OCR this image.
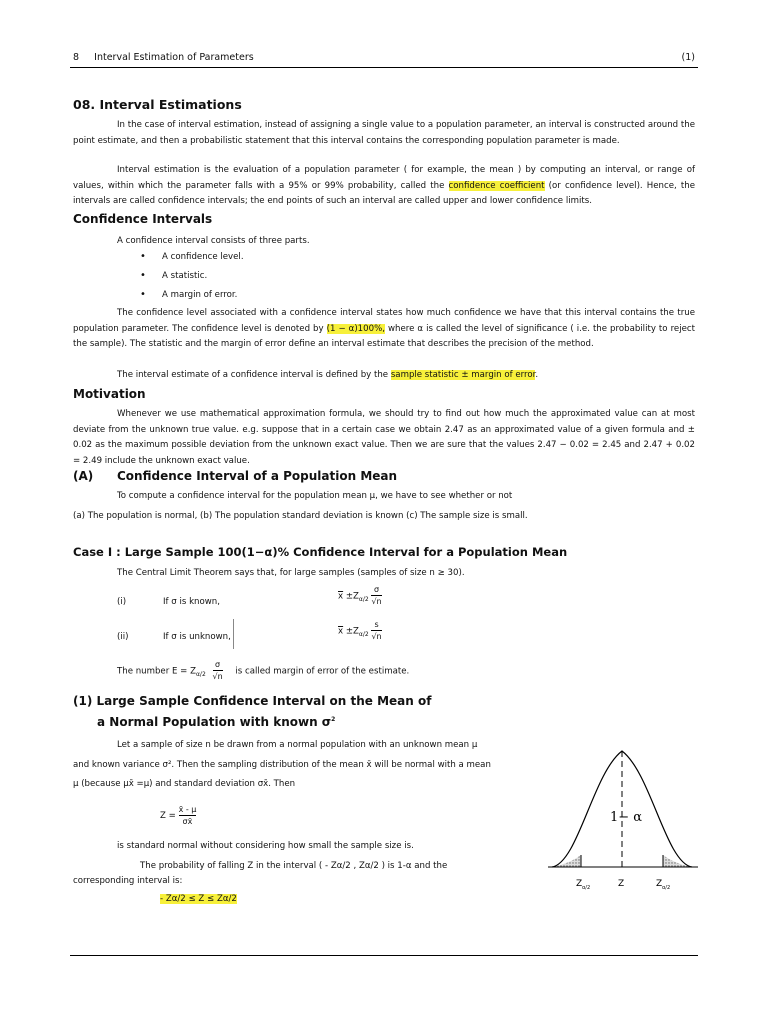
8     Interval Estimation of Parameters	(1)
08. Interval Estimations
In the case of interval estimation, instead of assigning a single value to a population parameter, an interval is constructed around the point estimate, and then a probabilistic statement that this interval contains the corresponding population parameter is made.
Interval estimation is the evaluation of a population parameter ( for example, the mean ) by computing an interval, or range of values, within which the parameter falls with a 95% or 99% probability, called the confidence coefficient (or confidence level). Hence, the intervals are called confidence intervals; the end points of such an interval are called upper and lower confidence limits.
Confidence Intervals
A confidence interval consists of three parts.
• A confidence level.
• A statistic.
• A margin of error.
The confidence level associated with a confidence interval states how much confidence we have that this interval contains the true population parameter. The confidence level is denoted by (1 − α)100%, where α is called the level of significance ( i.e. the probability to reject the sample). The statistic and the margin of error define an interval estimate that describes the precision of the method.
The interval estimate of a confidence interval is defined by the sample statistic ± margin of error.
Motivation
Whenever we use mathematical approximation formula, we should try to find out how much the approximated value can at most deviate from the unknown true value. e.g. suppose that in a certain case we obtain 2.47 as an approximated value of a given formula and ± 0.02 as the maximum possible deviation from the unknown exact value. Then we are sure that the values 2.47 − 0.02 = 2.45 and 2.47 + 0.02 = 2.49 include the unknown exact value.
(A) Confidence Interval of a Population Mean
To compute a confidence interval for the population mean μ, we have to see whether or not
(a) The population is normal, (b) The population standard deviation is known (c) The sample size is small.
Case I : Large Sample 100(1−α)% Confidence Interval for a Population Mean
The Central Limit Theorem says that, for large samples (samples of size n ≥ 30).
(i)	If σ is known,
$\overline{x} \pm Z_{\alpha/2} \frac{\sigma}{√n}$
(ii)	If σ is unknown,
$\overline{x} \pm Z_{\alpha/2} \frac{s}{√n}$
The number $E = Z_{\alpha/2} \frac{\sigma}{√n}$ is called margin of error of the estimate.
(1) Large Sample Confidence Interval on the Mean of
a Normal Population with known $\sigma^2$
Let a sample of size n be drawn from a normal population with an unknown mean μ
and known variance σ². Then the sampling distribution of the mean x̄ will be normal with a mean
μ (because μx̄ =μ) and standard deviation σx̄. Then
$Z = \frac{x̄ - \mu}{\sigma x̄}$
is standard normal without considering how small the sample size is.
The probability of falling Z in the interval ( - Zα/2 , Zα/2 ) is 1-α and the
corresponding interval is:
- Zα/2 ≤ Z ≤ Zα/2
1− α
Z α/2	Z	Z α/2
